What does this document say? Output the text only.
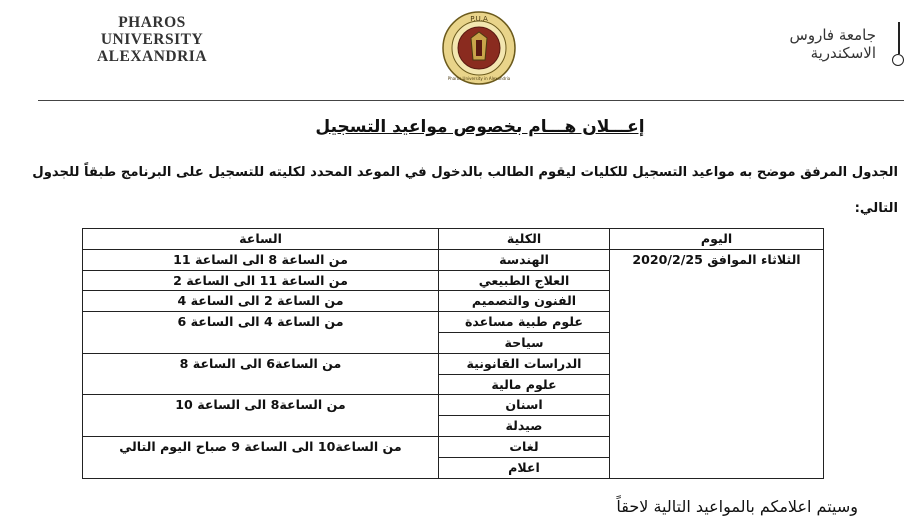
PHAROS
UNIVERSITY
ALEXANDRIA
P.U.A
Pharos University in Alexandria
جامعة فاروس
الاسكندرية
إعـــلان هـــام بخصوص مواعيد التسجيل
الجدول المرفق موضح به مواعيد التسجيل للكليات ليقوم الطالب بالدخول في الموعد المحدد لكليته للتسجيل على البرنامج طبقاً للجدول التالي:
اليوم	الكلية	الساعة
الثلاثاء الموافق 2020/2/25	الهندسة	من الساعة 8 الى الساعة 11
	العلاج الطبيعي	من الساعة 11 الى الساعة 2
	الفنون والتصميم	من الساعة 2 الى الساعة 4
	علوم طبية مساعدة	من الساعة 4 الى الساعة 6
	سياحة	
	الدراسات القانونية	من الساعة6 الى الساعة 8
	علوم مالية	
	اسنان	من الساعة8 الى الساعة 10
	صيدلة	
	لغات	من الساعة10 الى الساعة 9 صباح اليوم التالي
	اعلام	
وسيتم اعلامكم بالمواعيد التالية لاحقاً
